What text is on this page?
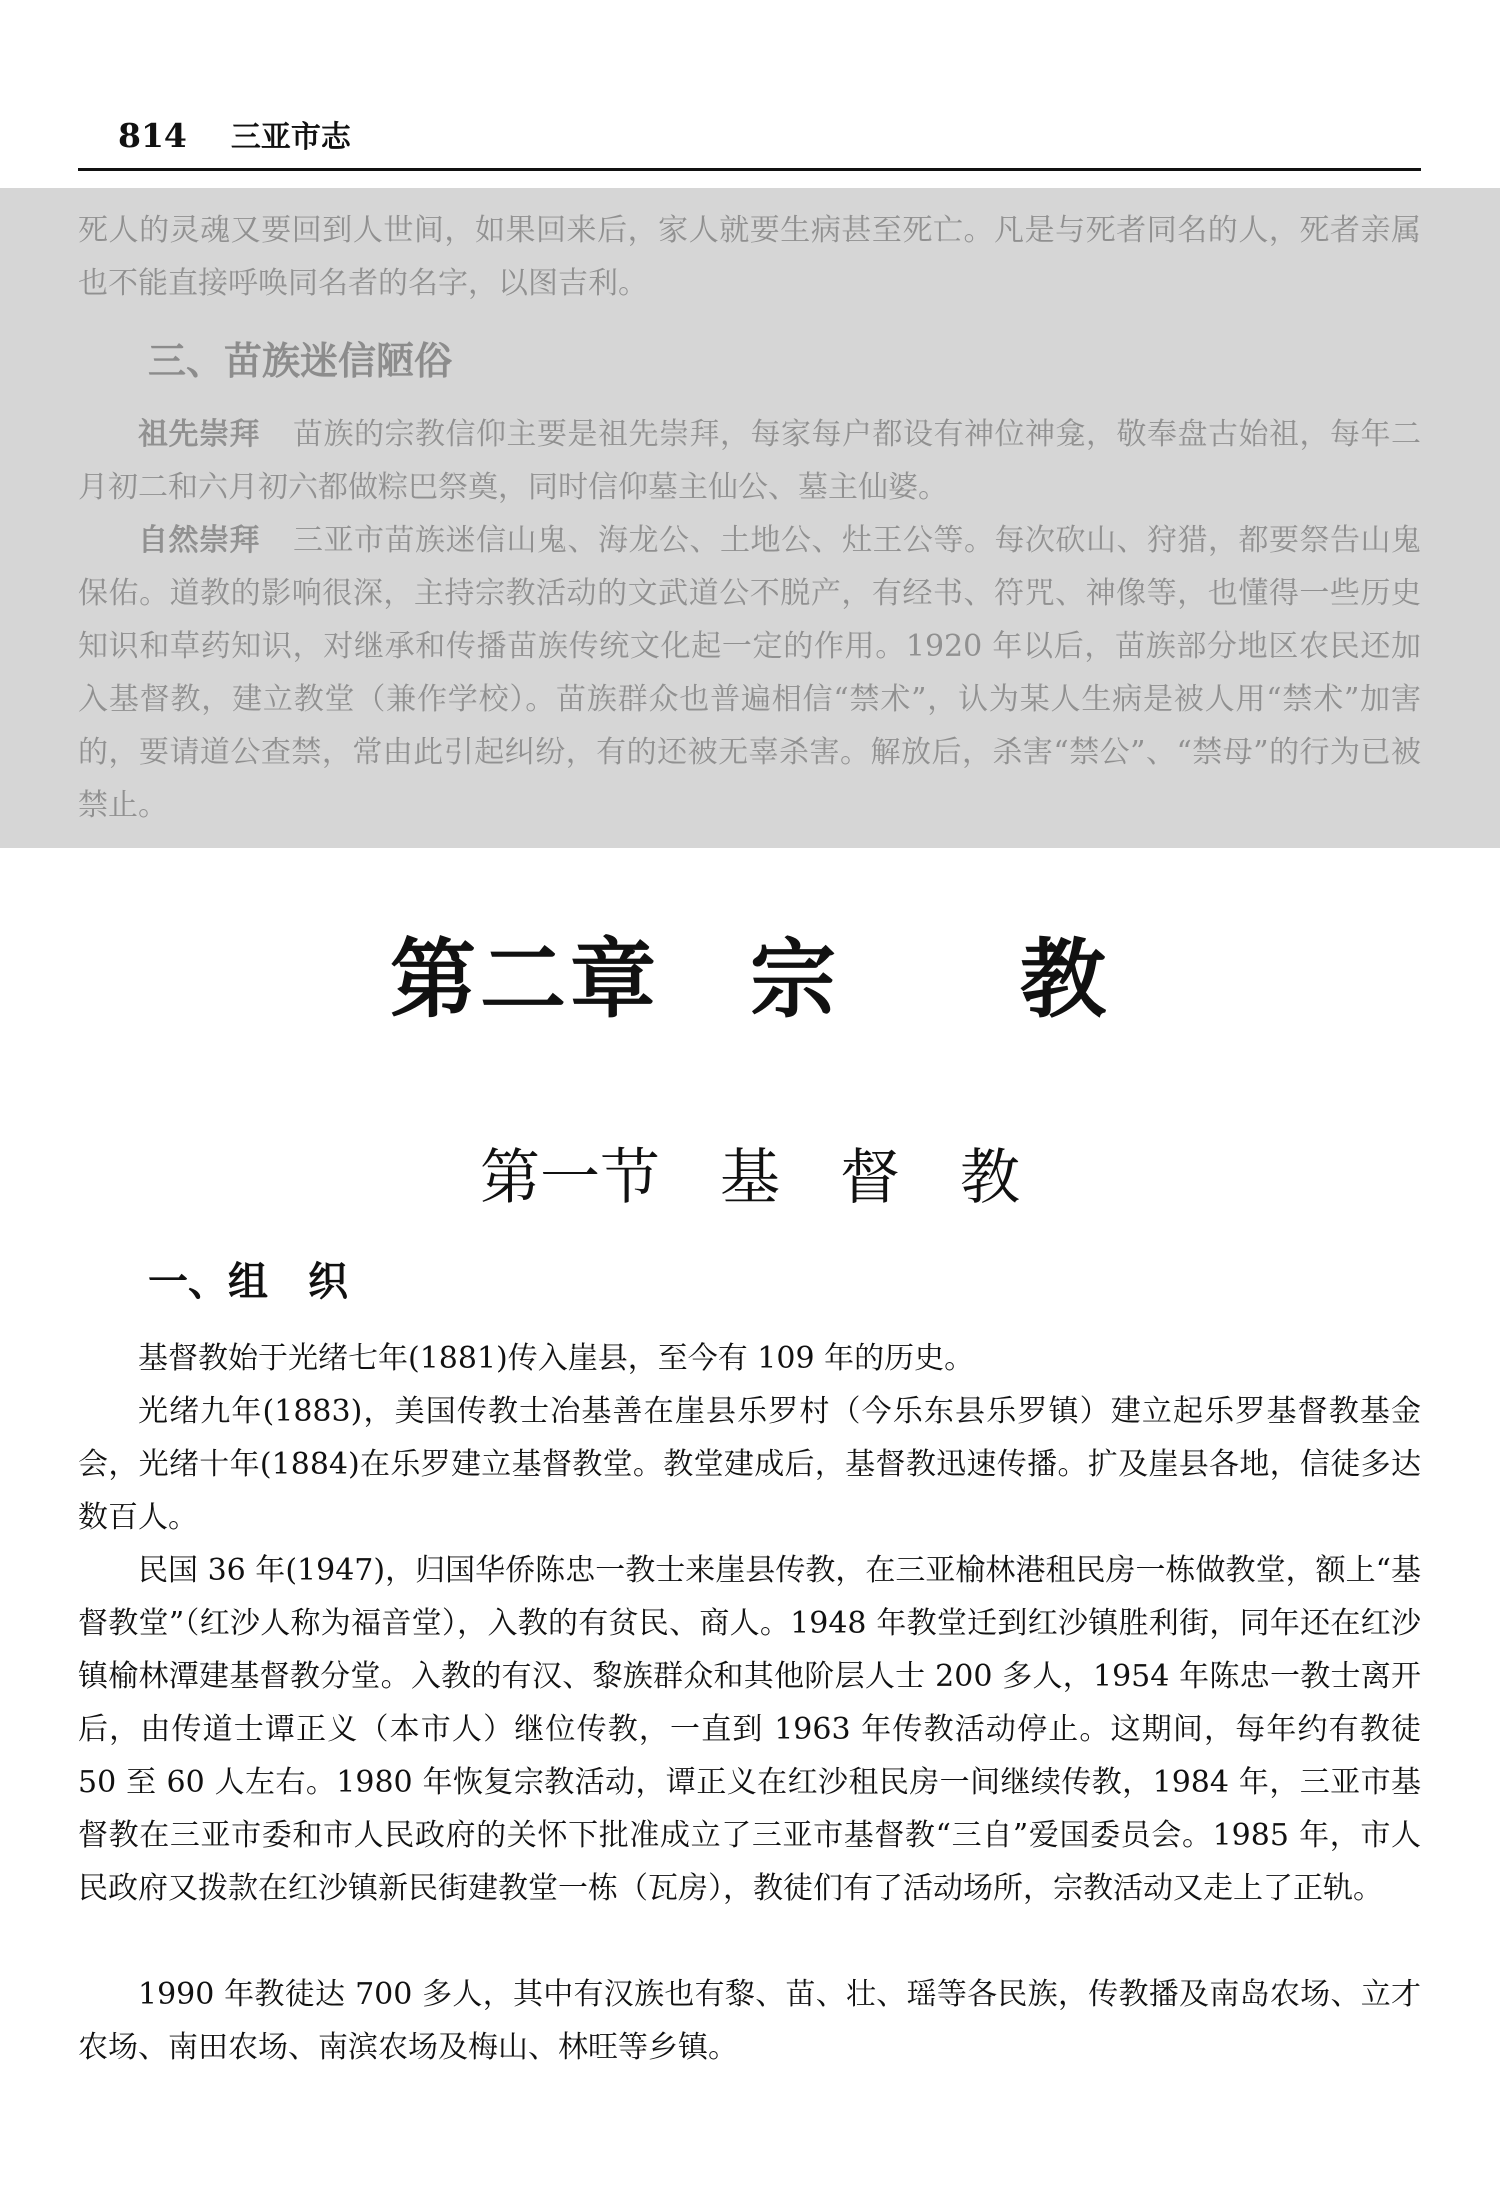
814 三亚市志

死人的灵魂又要回到人世间，如果回来后，家人就要生病甚至死亡。凡是与死者同名的人，死者亲属也不能直接呼唤同名者的名字，以图吉利。

三、苗族迷信陋俗

祖先崇拜 苗族的宗教信仰主要是祖先崇拜，每家每户都设有神位神龛，敬奉盘古始祖，每年二月初二和六月初六都做粽巴祭奠，同时信仰墓主仙公、墓主仙婆。

自然崇拜 三亚市苗族迷信山鬼、海龙公、土地公、灶王公等。每次砍山、狩猎，都要祭告山鬼保佑。道教的影响很深，主持宗教活动的文武道公不脱产，有经书、符咒、神像等，也懂得一些历史知识和草药知识，对继承和传播苗族传统文化起一定的作用。1920 年以后，苗族部分地区农民还加入基督教，建立教堂（兼作学校）。苗族群众也普遍相信“禁术”，认为某人生病是被人用“禁术”加害的，要请道公查禁，常由此引起纠纷，有的还被无辜杀害。解放后，杀害“禁公”、“禁母”的行为已被禁止。

第二章　宗　　教
第一节　基　督　教
一、组　织

基督教始于光绪七年(1881)传入崖县，至今有 109 年的历史。

光绪九年(1883)，美国传教士冶基善在崖县乐罗村（今乐东县乐罗镇）建立起乐罗基督教基金会，光绪十年(1884)在乐罗建立基督教堂。教堂建成后，基督教迅速传播。扩及崖县各地，信徒多达数百人。

民国 36 年(1947)，归国华侨陈忠一教士来崖县传教，在三亚榆林港租民房一栋做教堂，额上“基督教堂”（红沙人称为福音堂），入教的有贫民、商人。1948 年教堂迁到红沙镇胜利街，同年还在红沙镇榆林潭建基督教分堂。入教的有汉、黎族群众和其他阶层人士 200 多人，1954 年陈忠一教士离开后，由传道士谭正义（本市人）继位传教，一直到 1963 年传教活动停止。这期间，每年约有教徒 50 至 60 人左右。1980 年恢复宗教活动，谭正义在红沙租民房一间继续传教，1984 年，三亚市基督教在三亚市委和市人民政府的关怀下批准成立了三亚市基督教“三自”爱国委员会。1985 年，市人民政府又拨款在红沙镇新民街建教堂一栋（瓦房），教徒们有了活动场所，宗教活动又走上了正轨。

1990 年教徒达 700 多人，其中有汉族也有黎、苗、壮、瑶等各民族，传教播及南岛农场、立才农场、南田农场、南滨农场及梅山、林旺等乡镇。
